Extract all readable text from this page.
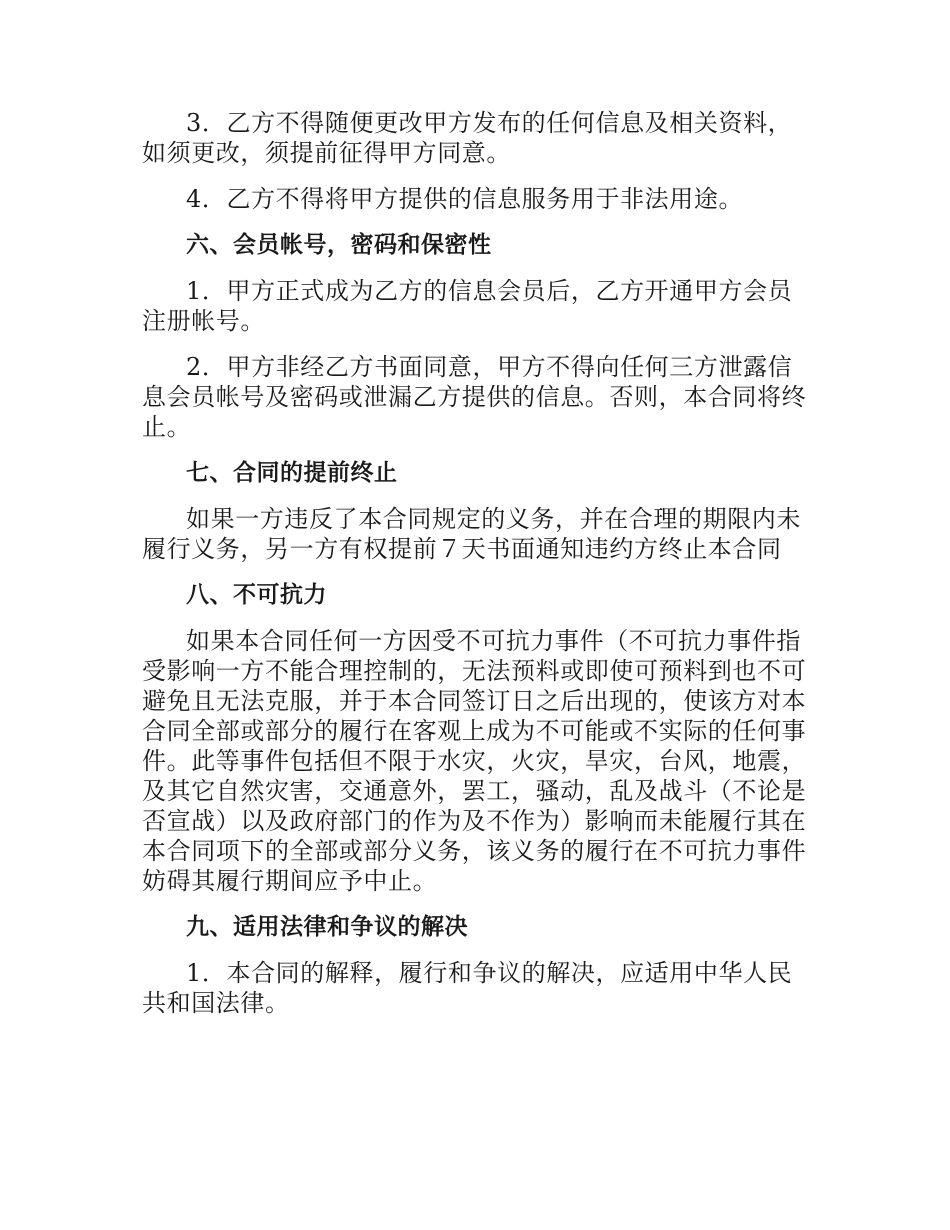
3．乙方不得随便更改甲方发布的任何信息及相关资料，如须更改，须提前征得甲方同意。

4．乙方不得将甲方提供的信息服务用于非法用途。

六、会员帐号，密码和保密性

1．甲方正式成为乙方的信息会员后，乙方开通甲方会员注册帐号。

2．甲方非经乙方书面同意，甲方不得向任何三方泄露信息会员帐号及密码或泄漏乙方提供的信息。否则，本合同将终止。

七、合同的提前终止

如果一方违反了本合同规定的义务，并在合理的期限内未履行义务，另一方有权提前７天书面通知违约方终止本合同

八、不可抗力

如果本合同任何一方因受不可抗力事件（不可抗力事件指受影响一方不能合理控制的，无法预料或即使可预料到也不可避免且无法克服，并于本合同签订日之后出现的，使该方对本合同全部或部分的履行在客观上成为不可能或不实际的任何事件。此等事件包括但不限于水灾，火灾，旱灾，台风，地震，及其它自然灾害，交通意外，罢工，骚动，乱及战斗（不论是否宣战）以及政府部门的作为及不作为）影响而未能履行其在本合同项下的全部或部分义务，该义务的履行在不可抗力事件妨碍其履行期间应予中止。

九、适用法律和争议的解决

1．本合同的解释，履行和争议的解决，应适用中华人民共和国法律。
